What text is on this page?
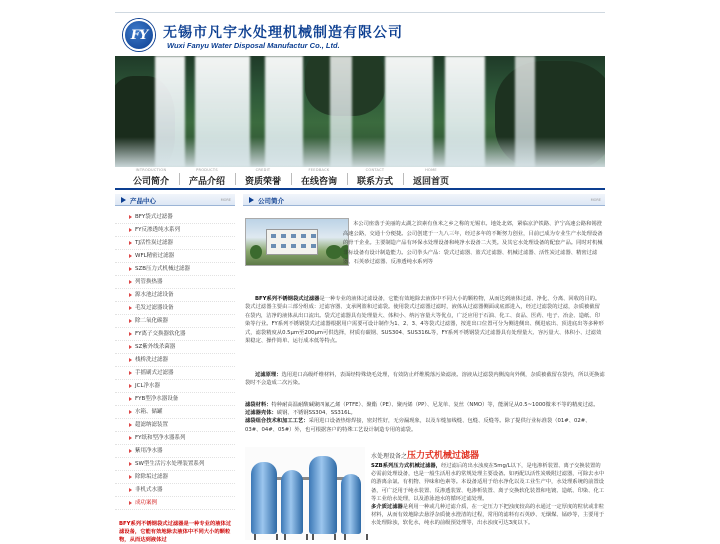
FY	无锡市凡宇水处理机械制造有限公司
Wuxi Fanyu Water Disposal Manufactur Co., Ltd.
INTRODUCTION
公司简介
PRODUCTS
产品介绍
CREDIT
资质荣誉
FEEDBACK
在线咨询
CONTACT
联系方式
HOME
返回首页
产品中心	MORE
BFY袋式过滤器
FY反渗透纯水系列
TJ活性炭过滤器
WFL精密过滤器
SZB压力式机械过滤器
列管换热器
源水池过滤设备
毛发过滤器设备
除二氧化碳器
FY离子交换器软化器
SZ紫外线杀菌器
栈桥洗过滤器
手摇刷式过滤器
JCL净水器
FYB型净水器设备
水箱、储罐
超滤纳滤装置
FY纸和型净水器系列
紫用净水器
SW型生活污水处理装置系列
除除垢过滤器
非机式水器
成功案例
BFY系列不锈钢袋式过滤器是一种专业的液体过滤设备，它能有效地除去液体中不同大小的颗粒物，从而达到液体过
公司简介	MORE

本公司座落于美丽的太湖之滨素有鱼米之乡之称的无锡市。地处北郊，紧临京沪铁路、沪宁高速公路和锡澄高速公路，交通十分便捷。公司创建于一九八三年，经过多年的不断努力创业，目前已成为专业生产水处理设备的骨干企业。主要制造产品有环保水处理设备和纯净水设备二大类。及其它水处理设备的配套产品。同时对机械非标设备有设计制造能力。公司拳头产品：袋式过滤器、篮式过滤器、机械过滤器、活性炭过滤器、精密过滤器、石英砂过滤器、反渗透纯水系列等

BFY系列不锈钢袋式过滤器是一种专业的液体过滤设备，它能有效地除去液体中不同大小的颗粒物，从而达到液体过滤、净化、分离、回收的目的。袋式过滤器主要由三部分组成：过滤容器、支承网篮和过滤袋。使用袋式过滤器过滤时，液体从过滤器侧面或底部进入，经过过滤袋的过滤，杂质被截留在袋内，洁净的液体从出口流出。袋式过滤器具有处理量大、体积小、纳污容量大等优点，广泛应用于石油、化工、食品、医药、电子、冶金、造纸、印染等行业。FY系列不锈钢袋式过滤器根据用户需要可设计制作为1、2、3、4等袋式过滤器，按进出口位置可分为侧进侧出、侧进底出、顶进底出等多种形式，滤袋精度从0.5μm至200μm可供选择，材质有碳钢、SUS304、SUS316L等，FY系列不锈钢袋式过滤器具有处理量大、容污量大、体积小、过滤效果稳定、操作简单、运行成本低等特点。

过滤原理：选用进口高级纤维材料，表面经特殊烧毛处理，有效防止纤维脱落污染滤液。溶液从过滤袋内侧流向外侧，杂质被截留在袋内，所以更换滤袋时不会造成二次污染。

滤袋材料：特种耐高温耐酸碱聚四氟乙烯（PTFE）、聚酯（PE）、聚丙烯（PP）、尼龙单、复丝（NMO）等，能满足从0.5~1000微米不等的精度过滤。
过滤器壳体：碳钢、不锈钢SS304、SS316L。
滤袋组合技术和加工工艺：采用进口设备热熔焊接，密封性好，无旁漏现象，以及车缝加线缝、包缝、反缝等。除了提供行业标准袋（01#、02#、03#、04#、05#）外，也可根据客户的特殊工艺设计制造专用的滤袋。
水处理设备之压力式机械过滤器

SZB系列压力式机械过滤器，经过滤后的出水浊度在5mg/L以下，是电渗析装置、离子交换装置的必需前处理设备，也是一般生活用水的常规处理主要设备。如再配以活性炭吸附过滤器，可除去水中的游离余氯、有机物、异味和色素等。本设备适用于给水净化以及工业生产中，水处理系统的前置设备，可广泛用于纯水装置、反渗透装置、电渗析装置、离子交换软化装置和电镀、造纸、印染、化工等工业给水处理，以及游泳池水的循环过滤处理。
多介质过滤器是利用一种或几种过滤介质，在一定压力下把浊度较高的水通过一定厚度的粒状或非粒材料，从而有效地除去悬浮杂质使水澄清的过程，常用的滤料有石英砂、无烟煤、锰砂等，主要用于水处理除浊，软化水，纯水的前级预处理等，出水浊度可达3度以下。
